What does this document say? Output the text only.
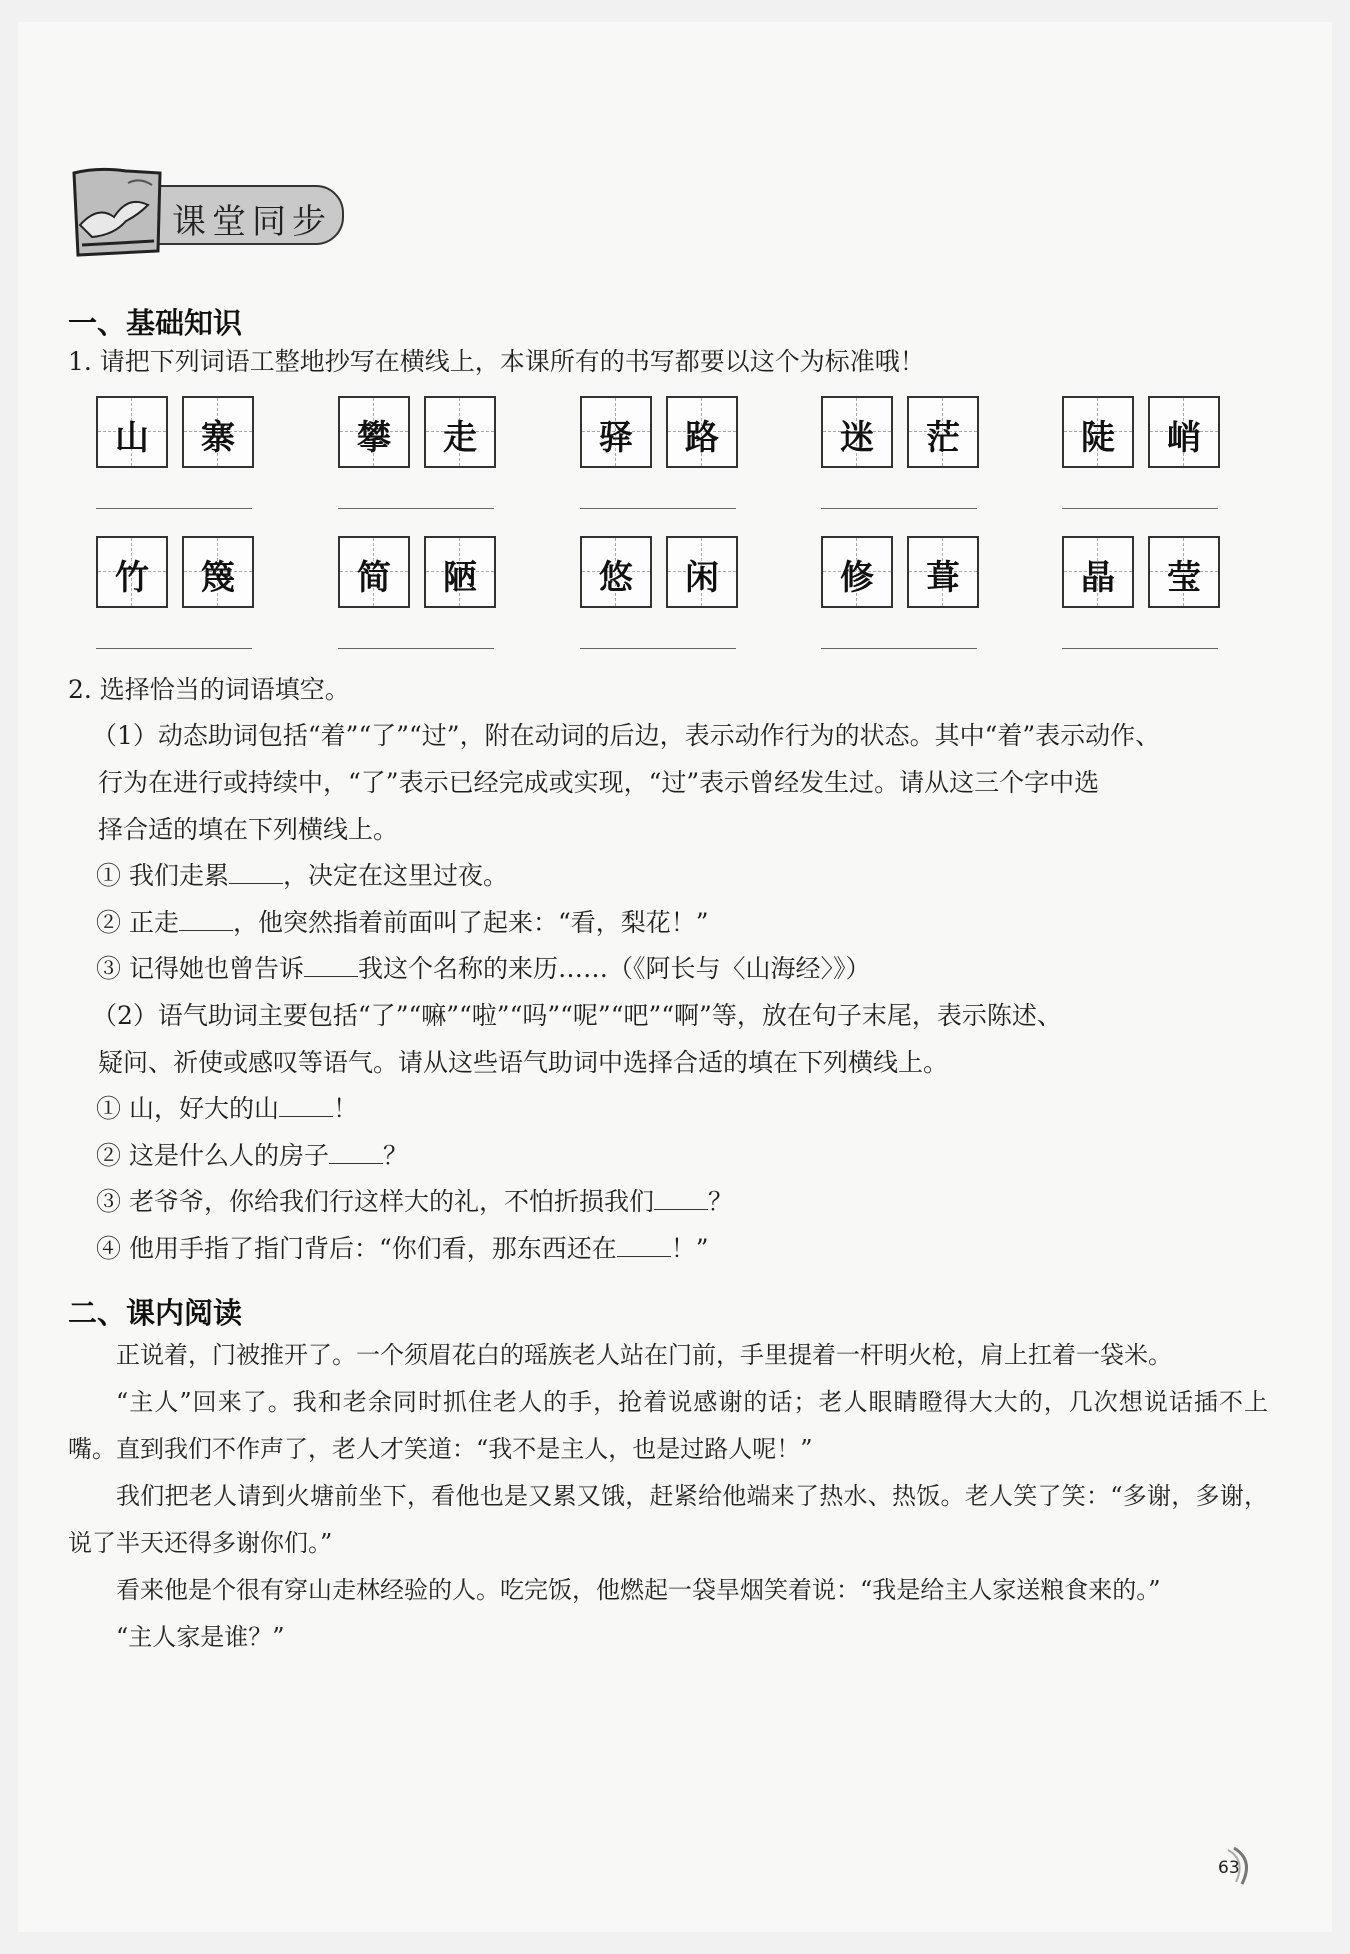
课堂同步
一、基础知识
1. 请把下列词语工整地抄写在横线上，本课所有的书写都要以这个为标准哦！
山	寨	攀	走	驿	路	迷	茫	陡	峭
竹	篾	简	陋	悠	闲	修	葺	晶	莹
2. 选择恰当的词语填空。
（1）动态助词包括“着”“了”“过”，附在动词的后边，表示动作行为的状态。其中“着”表示动作、
行为在进行或持续中，“了”表示已经完成或实现，“过”表示曾经发生过。请从这三个字中选
择合适的填在下列横线上。
① 我们走累 ，决定在这里过夜。
② 正走 ，他突然指着前面叫了起来：“看，梨花！”
③ 记得她也曾告诉 我这个名称的来历……（《阿长与〈山海经〉》）
（2）语气助词主要包括“了”“嘛”“啦”“吗”“呢”“吧”“啊”等，放在句子末尾，表示陈述、
疑问、祈使或感叹等语气。请从这些语气助词中选择合适的填在下列横线上。
① 山，好大的山 ！
② 这是什么人的房子 ？
③ 老爷爷，你给我们行这样大的礼，不怕折损我们 ？
④ 他用手指了指门背后：“你们看，那东西还在 ！”
二、课内阅读

正说着，门被推开了。一个须眉花白的瑶族老人站在门前，手里提着一杆明火枪，肩上扛着一袋米。

“主人”回来了。我和老余同时抓住老人的手，抢着说感谢的话；老人眼睛瞪得大大的，几次想说话插不上嘴。直到我们不作声了，老人才笑道：“我不是主人，也是过路人呢！”

我们把老人请到火塘前坐下，看他也是又累又饿，赶紧给他端来了热水、热饭。老人笑了笑：“多谢，多谢，说了半天还得多谢你们。”

看来他是个很有穿山走林经验的人。吃完饭，他燃起一袋旱烟笑着说：“我是给主人家送粮食来的。”

“主人家是谁？”

63
